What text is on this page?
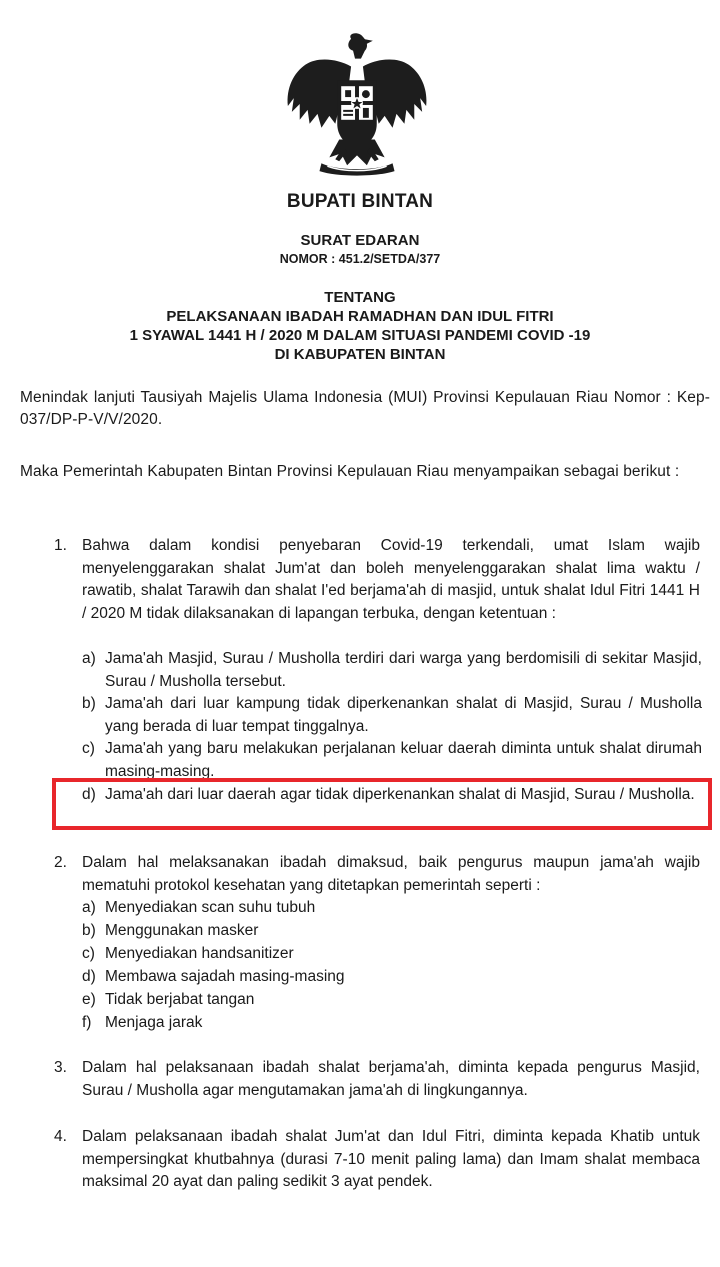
BUPATI BINTAN
SURAT EDARAN
NOMOR : 451.2/SETDA/377
TENTANG
PELAKSANAAN IBADAH RAMADHAN DAN IDUL FITRI
1 SYAWAL 1441 H / 2020 M DALAM SITUASI PANDEMI COVID -19
DI KABUPATEN BINTAN
Menindak lanjuti Tausiyah Majelis Ulama Indonesia (MUI) Provinsi Kepulauan Riau Nomor : Kep-037/DP-P-V/V/2020.
Maka Pemerintah Kabupaten Bintan Provinsi Kepulauan Riau menyampaikan sebagai berikut :
1. Bahwa dalam kondisi penyebaran Covid-19 terkendali, umat Islam wajib menyelenggarakan shalat Jum'at dan boleh menyelenggarakan shalat lima waktu / rawatib, shalat Tarawih dan shalat I'ed berjama'ah di masjid, untuk shalat Idul Fitri 1441 H / 2020 M tidak dilaksanakan di lapangan terbuka, dengan ketentuan :
a) Jama'ah Masjid, Surau / Musholla terdiri dari warga yang berdomisili di sekitar Masjid, Surau / Musholla tersebut.
b) Jama'ah dari luar kampung tidak diperkenankan shalat di Masjid, Surau / Musholla yang berada di luar tempat tinggalnya.
c) Jama'ah yang baru melakukan perjalanan keluar daerah diminta untuk shalat dirumah masing-masing.
d) Jama'ah dari luar daerah agar tidak diperkenankan shalat di Masjid, Surau / Musholla.
2. Dalam hal melaksanakan ibadah dimaksud, baik pengurus maupun jama'ah wajib mematuhi protokol kesehatan yang ditetapkan pemerintah seperti :
a) Menyediakan scan suhu tubuh
b) Menggunakan masker
c) Menyediakan handsanitizer
d) Membawa sajadah masing-masing
e) Tidak berjabat tangan
f) Menjaga jarak
3. Dalam hal pelaksanaan ibadah shalat berjama'ah, diminta kepada pengurus Masjid, Surau / Musholla agar mengutamakan jama'ah di lingkungannya.
4. Dalam pelaksanaan ibadah shalat Jum'at dan Idul Fitri, diminta kepada Khatib untuk mempersingkat khutbahnya (durasi 7-10 menit paling lama) dan Imam shalat membaca maksimal 20 ayat dan paling sedikit 3 ayat pendek.
